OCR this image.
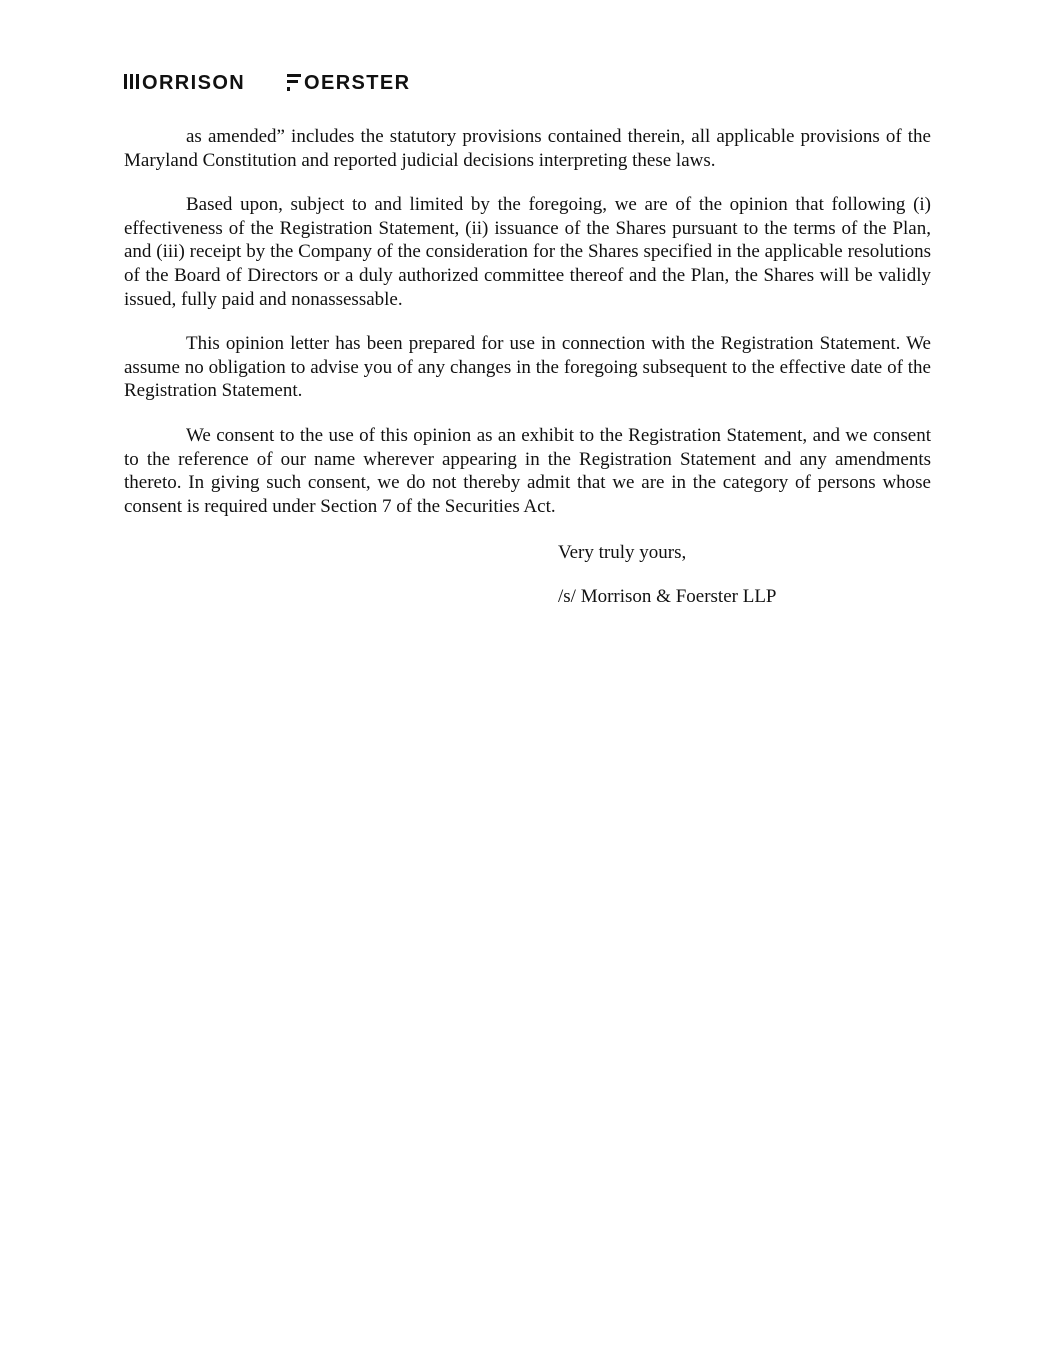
ORRISON	OERSTER

as amended” includes the statutory provisions contained therein, all applicable provisions of the Maryland Constitution and reported judicial decisions interpreting these laws.

Based upon, subject to and limited by the foregoing, we are of the opinion that following (i) effectiveness of the Registration Statement, (ii) issuance of the Shares pursuant to the terms of the Plan, and (iii) receipt by the Company of the consideration for the Shares specified in the applicable resolutions of the Board of Directors or a duly authorized committee thereof and the Plan, the Shares will be validly issued, fully paid and nonassessable.

This opinion letter has been prepared for use in connection with the Registration Statement. We assume no obligation to advise you of any changes in the foregoing subsequent to the effective date of the Registration Statement.

We consent to the use of this opinion as an exhibit to the Registration Statement, and we consent to the reference of our name wherever appearing in the Registration Statement and any amendments thereto. In giving such consent, we do not thereby admit that we are in the category of persons whose consent is required under Section 7 of the Securities Act.

Very truly yours,
/s/ Morrison & Foerster LLP
